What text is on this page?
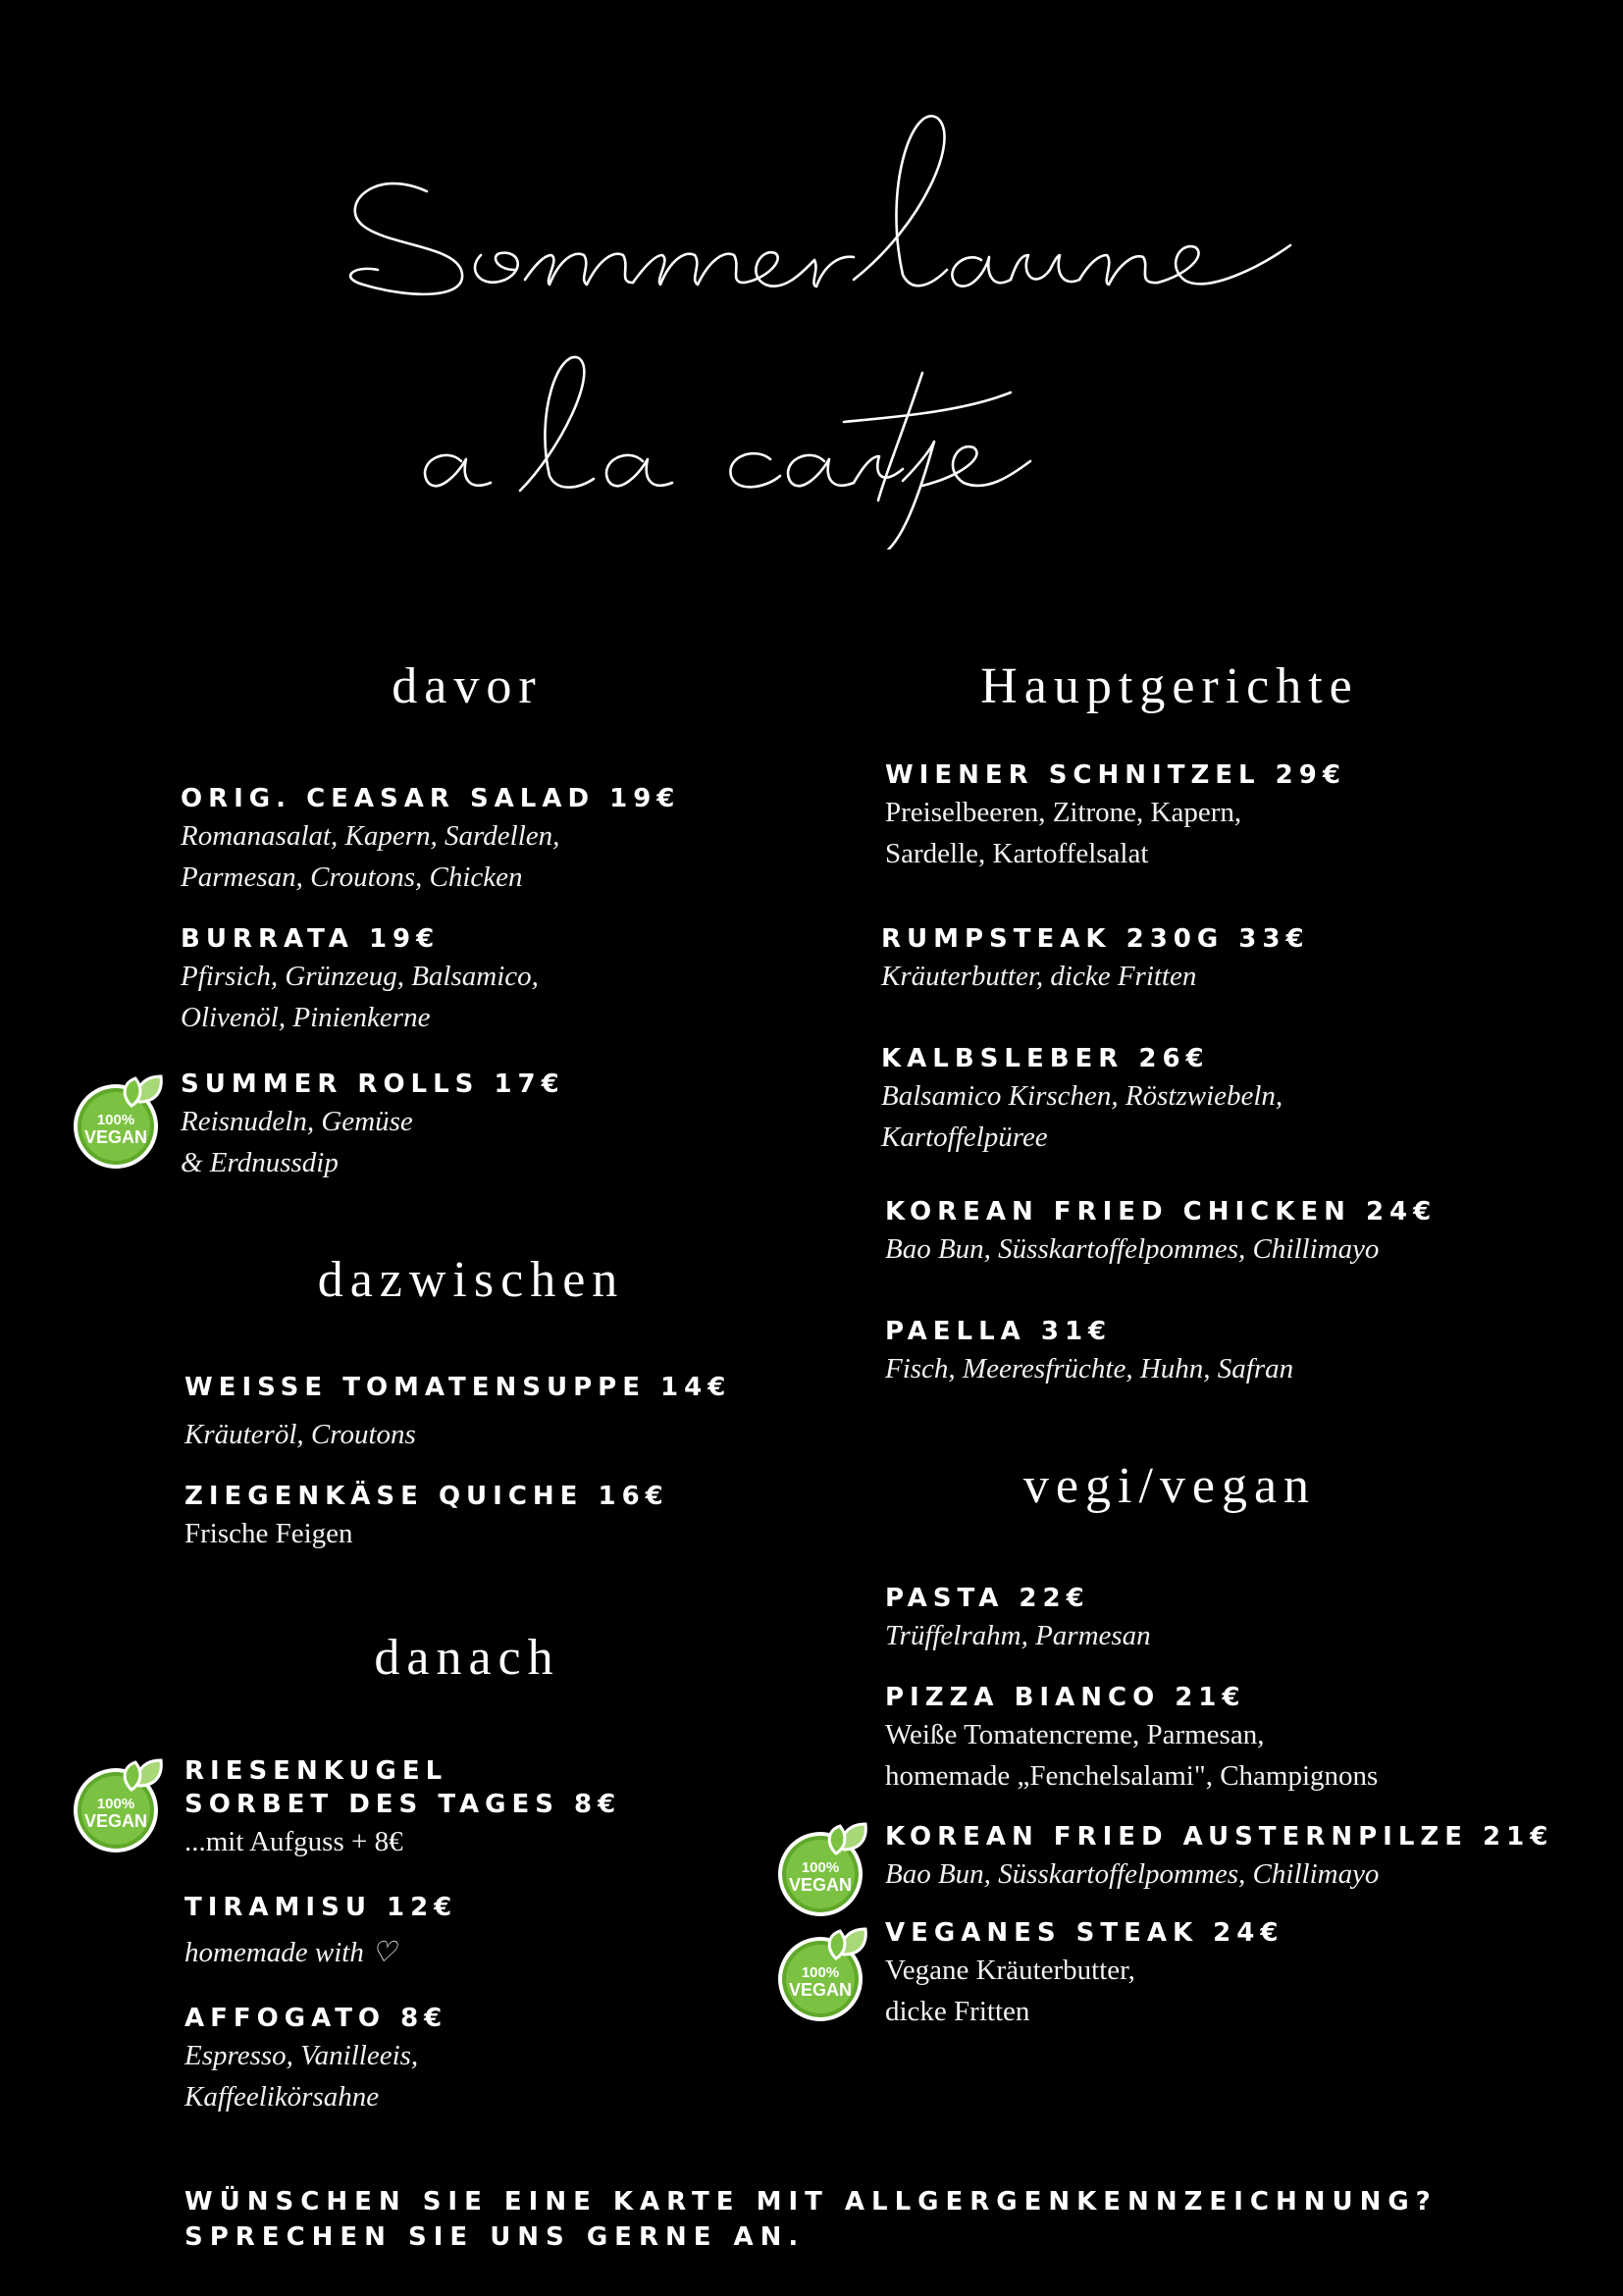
davor
dazwischen
danach
Hauptgerichte
vegi/vegan
ORIG. CEASAR SALAD 19€
Romanasalat, Kapern, Sardellen,
Parmesan, Croutons, Chicken
BURRATA 19€
Pfirsich, Grünzeug, Balsamico,
Olivenöl, Pinienkerne
SUMMER ROLLS 17€
Reisnudeln, Gemüse
& Erdnussdip
WEISSE TOMATENSUPPE 14€
Kräuteröl, Croutons
ZIEGENKÄSE QUICHE 16€
Frische Feigen
RIESENKUGEL
SORBET DES TAGES 8€
...mit Aufguss + 8€
TIRAMISU 12€
homemade with ♡
AFFOGATO 8€
Espresso, Vanilleeis,
Kaffeelikörsahne
WIENER SCHNITZEL 29€
Preiselbeeren, Zitrone, Kapern,
Sardelle, Kartoffelsalat
RUMPSTEAK 230G 33€
Kräuterbutter, dicke Fritten
KALBSLEBER 26€
Balsamico Kirschen, Röstzwiebeln,
Kartoffelpüree
KOREAN FRIED CHICKEN 24€
Bao Bun, Süsskartoffelpommes, Chillimayo
PAELLA 31€
Fisch, Meeresfrüchte, Huhn, Safran
PASTA 22€
Trüffelrahm, Parmesan
PIZZA BIANCO 21€
Weiße Tomatencreme, Parmesan,
homemade „Fenchelsalami", Champignons
KOREAN FRIED AUSTERNPILZE 21€
Bao Bun, Süsskartoffelpommes, Chillimayo
VEGANES STEAK 24€
Vegane Kräuterbutter,
dicke Fritten
100%
VEGAN
100%
VEGAN
100%
VEGAN
100%
VEGAN
WÜNSCHEN SIE EINE KARTE MIT ALLGERGENKENNZEICHNUNG?
SPRECHEN SIE UNS GERNE AN.
